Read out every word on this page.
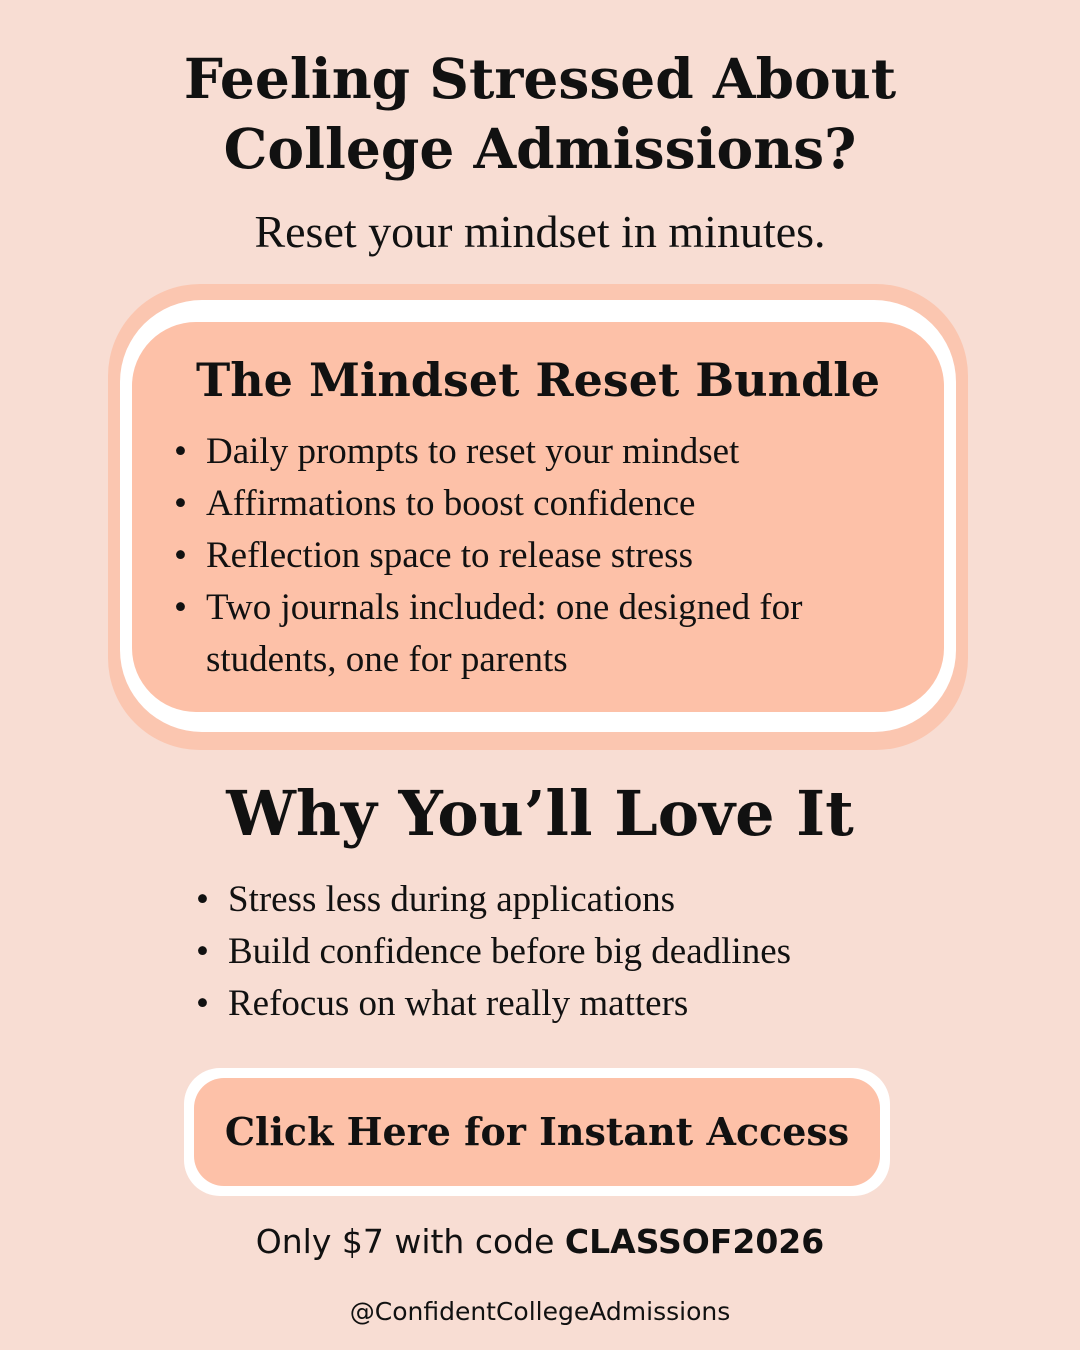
Feeling Stressed About
College Admissions?

Reset your mindset in minutes.

The Mindset Reset Bundle
• Daily prompts to reset your mindset
• Affirmations to boost confidence
• Reflection space to release stress
• Two journals included: one designed for students, one for parents
Why You’ll Love It
• Stress less during applications
• Build confidence before big deadlines
• Refocus on what really matters
Click Here for Instant Access

Only $7 with code CLASSOF2026

@ConfidentCollegeAdmissions
